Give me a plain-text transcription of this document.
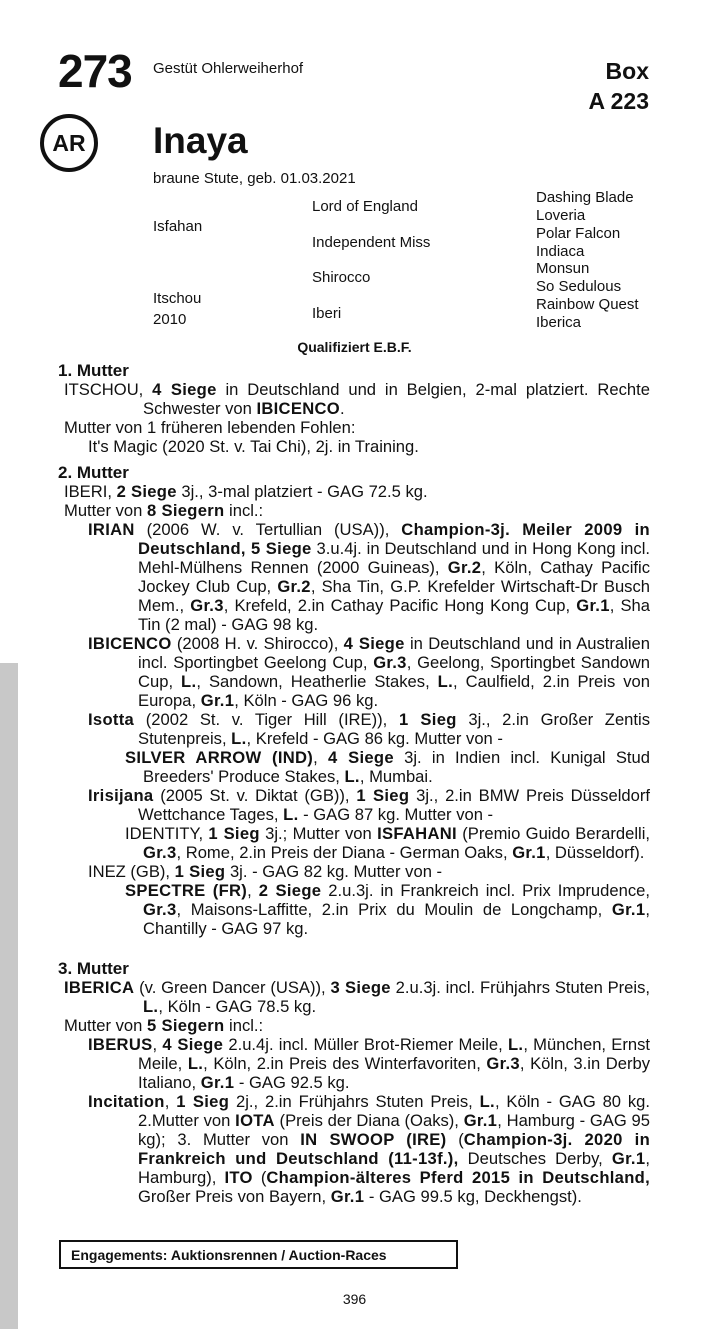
273 Gestüt Ohlerweiherhof	Box
A 223
AR	Inaya
braune Stute, geb. 01.03.2021
Isfahan
Itschou
2010
Lord of England
Independent Miss
Shirocco
Iberi
Dashing Blade
Loveria
Polar Falcon
Indiaca
Monsun
So Sedulous
Rainbow Quest
Iberica
Qualifiziert E.B.F.

1. Mutter

ITSCHOU, 4 Siege in Deutschland und in Belgien, 2-mal platziert. Rechte Schwester von IBICENCO.

Mutter von 1 früheren lebenden Fohlen:

It's Magic (2020 St. v. Tai Chi), 2j. in Training.

2. Mutter

IBERI, 2 Siege 3j., 3-mal platziert - GAG 72.5 kg.

Mutter von 8 Siegern incl.:

IRIAN (2006 W. v. Tertullian (USA)), Champion-3j. Meiler 2009 in Deutschland, 5 Siege 3.u.4j. in Deutschland und in Hong Kong incl. Mehl-Mülhens Rennen (2000 Guineas), Gr.2, Köln, Cathay Pacific Jockey Club Cup, Gr.2, Sha Tin, G.P. Krefelder Wirtschaft-Dr Busch Mem., Gr.3, Krefeld, 2.in Cathay Pacific Hong Kong Cup, Gr.1, Sha Tin (2 mal) - GAG 98 kg.

IBICENCO (2008 H. v. Shirocco), 4 Siege in Deutschland und in Australien incl. Sportingbet Geelong Cup, Gr.3, Geelong, Sportingbet Sandown Cup, L., Sandown, Heatherlie Stakes, L., Caulfield, 2.in Preis von Europa, Gr.1, Köln - GAG 96 kg.

Isotta (2002 St. v. Tiger Hill (IRE)), 1 Sieg 3j., 2.in Großer Zentis Stutenpreis, L., Krefeld - GAG 86 kg. Mutter von -

SILVER ARROW (IND), 4 Siege 3j. in Indien incl. Kunigal Stud Breeders' Produce Stakes, L., Mumbai.

Irisijana (2005 St. v. Diktat (GB)), 1 Sieg 3j., 2.in BMW Preis Düsseldorf Wettchance Tages, L. - GAG 87 kg. Mutter von -

IDENTITY, 1 Sieg 3j.; Mutter von ISFAHANI (Premio Guido Berardelli, Gr.3, Rome, 2.in Preis der Diana - German Oaks, Gr.1, Düsseldorf).

INEZ (GB), 1 Sieg 3j. - GAG 82 kg. Mutter von -

SPECTRE (FR), 2 Siege 2.u.3j. in Frankreich incl. Prix Imprudence, Gr.3, Maisons-Laffitte, 2.in Prix du Moulin de Longchamp, Gr.1, Chantilly - GAG 97 kg.

3. Mutter

IBERICA (v. Green Dancer (USA)), 3 Siege 2.u.3j. incl. Frühjahrs Stuten Preis, L., Köln - GAG 78.5 kg.

Mutter von 5 Siegern incl.:

IBERUS, 4 Siege 2.u.4j. incl. Müller Brot-Riemer Meile, L., München, Ernst Meile, L., Köln, 2.in Preis des Winterfavoriten, Gr.3, Köln, 3.in Derby Italiano, Gr.1 - GAG 92.5 kg.

Incitation, 1 Sieg 2j., 2.in Frühjahrs Stuten Preis, L., Köln - GAG 80 kg. 2.Mutter von IOTA (Preis der Diana (Oaks), Gr.1, Hamburg - GAG 95 kg); 3. Mutter von IN SWOOP (IRE) (Champion-3j. 2020 in Frankreich und Deutschland (11-13f.), Deutsches Derby, Gr.1, Hamburg), ITO (Champion-älteres Pferd 2015 in Deutschland, Großer Preis von Bayern, Gr.1 - GAG 99.5 kg, Deckhengst).

Engagements: Auktionsrennen / Auction-Races
396
